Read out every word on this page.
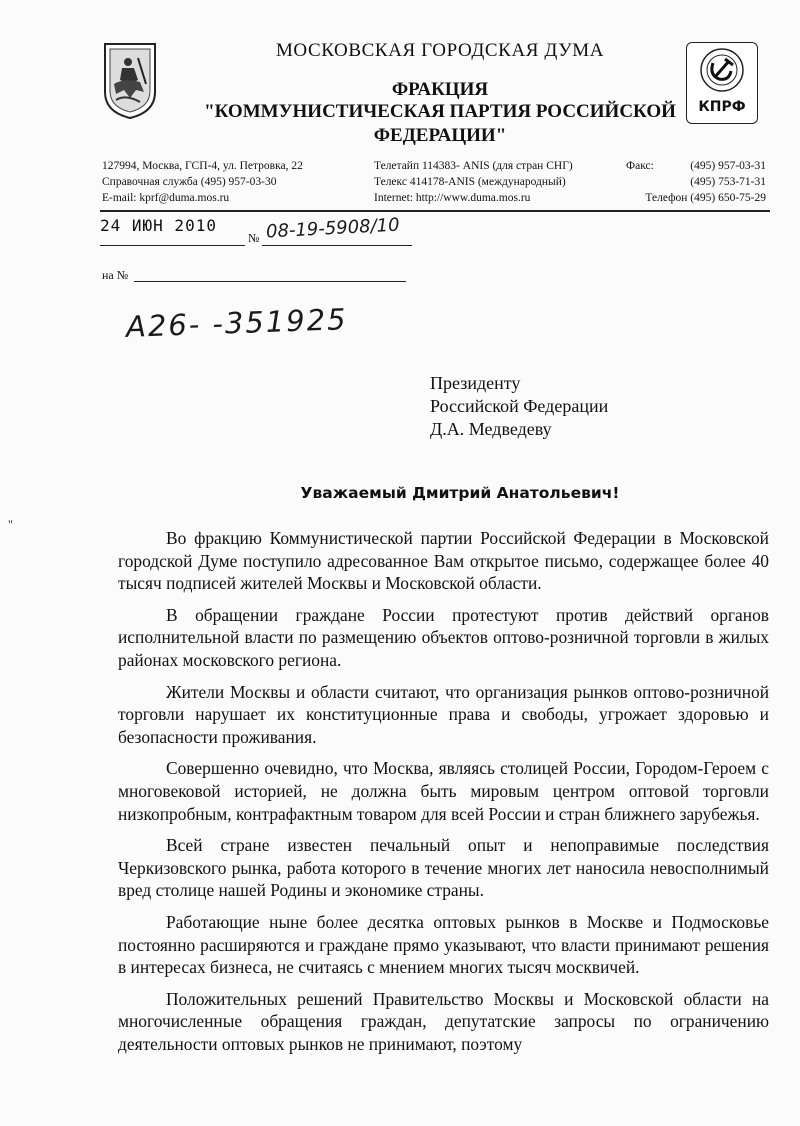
МОСКОВСКАЯ ГОРОДСКАЯ ДУМА
ФРАКЦИЯ
"КОММУНИСТИЧЕСКАЯ ПАРТИЯ РОССИЙСКОЙ
ФЕДЕРАЦИИ"
КПРФ
127994, Москва, ГСП-4, ул. Петровка, 22
Справочная служба (495) 957-03-30
E-mail: kprf@duma.mos.ru
Телетайп 114383- ANIS (для стран СНГ)
Телекс 414178-ANIS (международный)
Internet: http://www.duma.mos.ru
Факс:	(495) 957-03-31
(495) 753-71-31
Телефон (495) 650-75-29
24 ИЮН 2010
№ 08-19-5908/10
на №
А26- -351925
"
Президенту
Российской Федерации
Д.А. Медведеву
Уважаемый Дмитрий Анатольевич!

Во фракцию Коммунистической партии Российской Федерации в Московской городской Думе поступило адресованное Вам открытое письмо, содержащее более 40 тысяч подписей жителей Москвы и Московской области.

В обращении граждане России протестуют против действий органов исполнительной власти по размещению объектов оптово-розничной торговли в жилых районах московского региона.

Жители Москвы и области считают, что организация рынков оптово-розничной торговли нарушает их конституционные права и свободы, угрожает здоровью и безопасности проживания.

Совершенно очевидно, что Москва, являясь столицей России, Городом-Героем с многовековой историей, не должна быть мировым центром оптовой торговли низкопробным, контрафактным товаром для всей России и стран ближнего зарубежья.

Всей стране известен печальный опыт и непоправимые последствия Черкизовского рынка, работа которого в течение многих лет наносила невосполнимый вред столице нашей Родины и экономике страны.

Работающие ныне более десятка оптовых рынков в Москве и Подмосковье постоянно расширяются и граждане прямо указывают, что власти принимают решения в интересах бизнеса, не считаясь с мнением многих тысяч москвичей.

Положительных решений Правительство Москвы и Московской области на многочисленные обращения граждан, депутатские запросы по ограничению деятельности оптовых рынков не принимают, поэтому
